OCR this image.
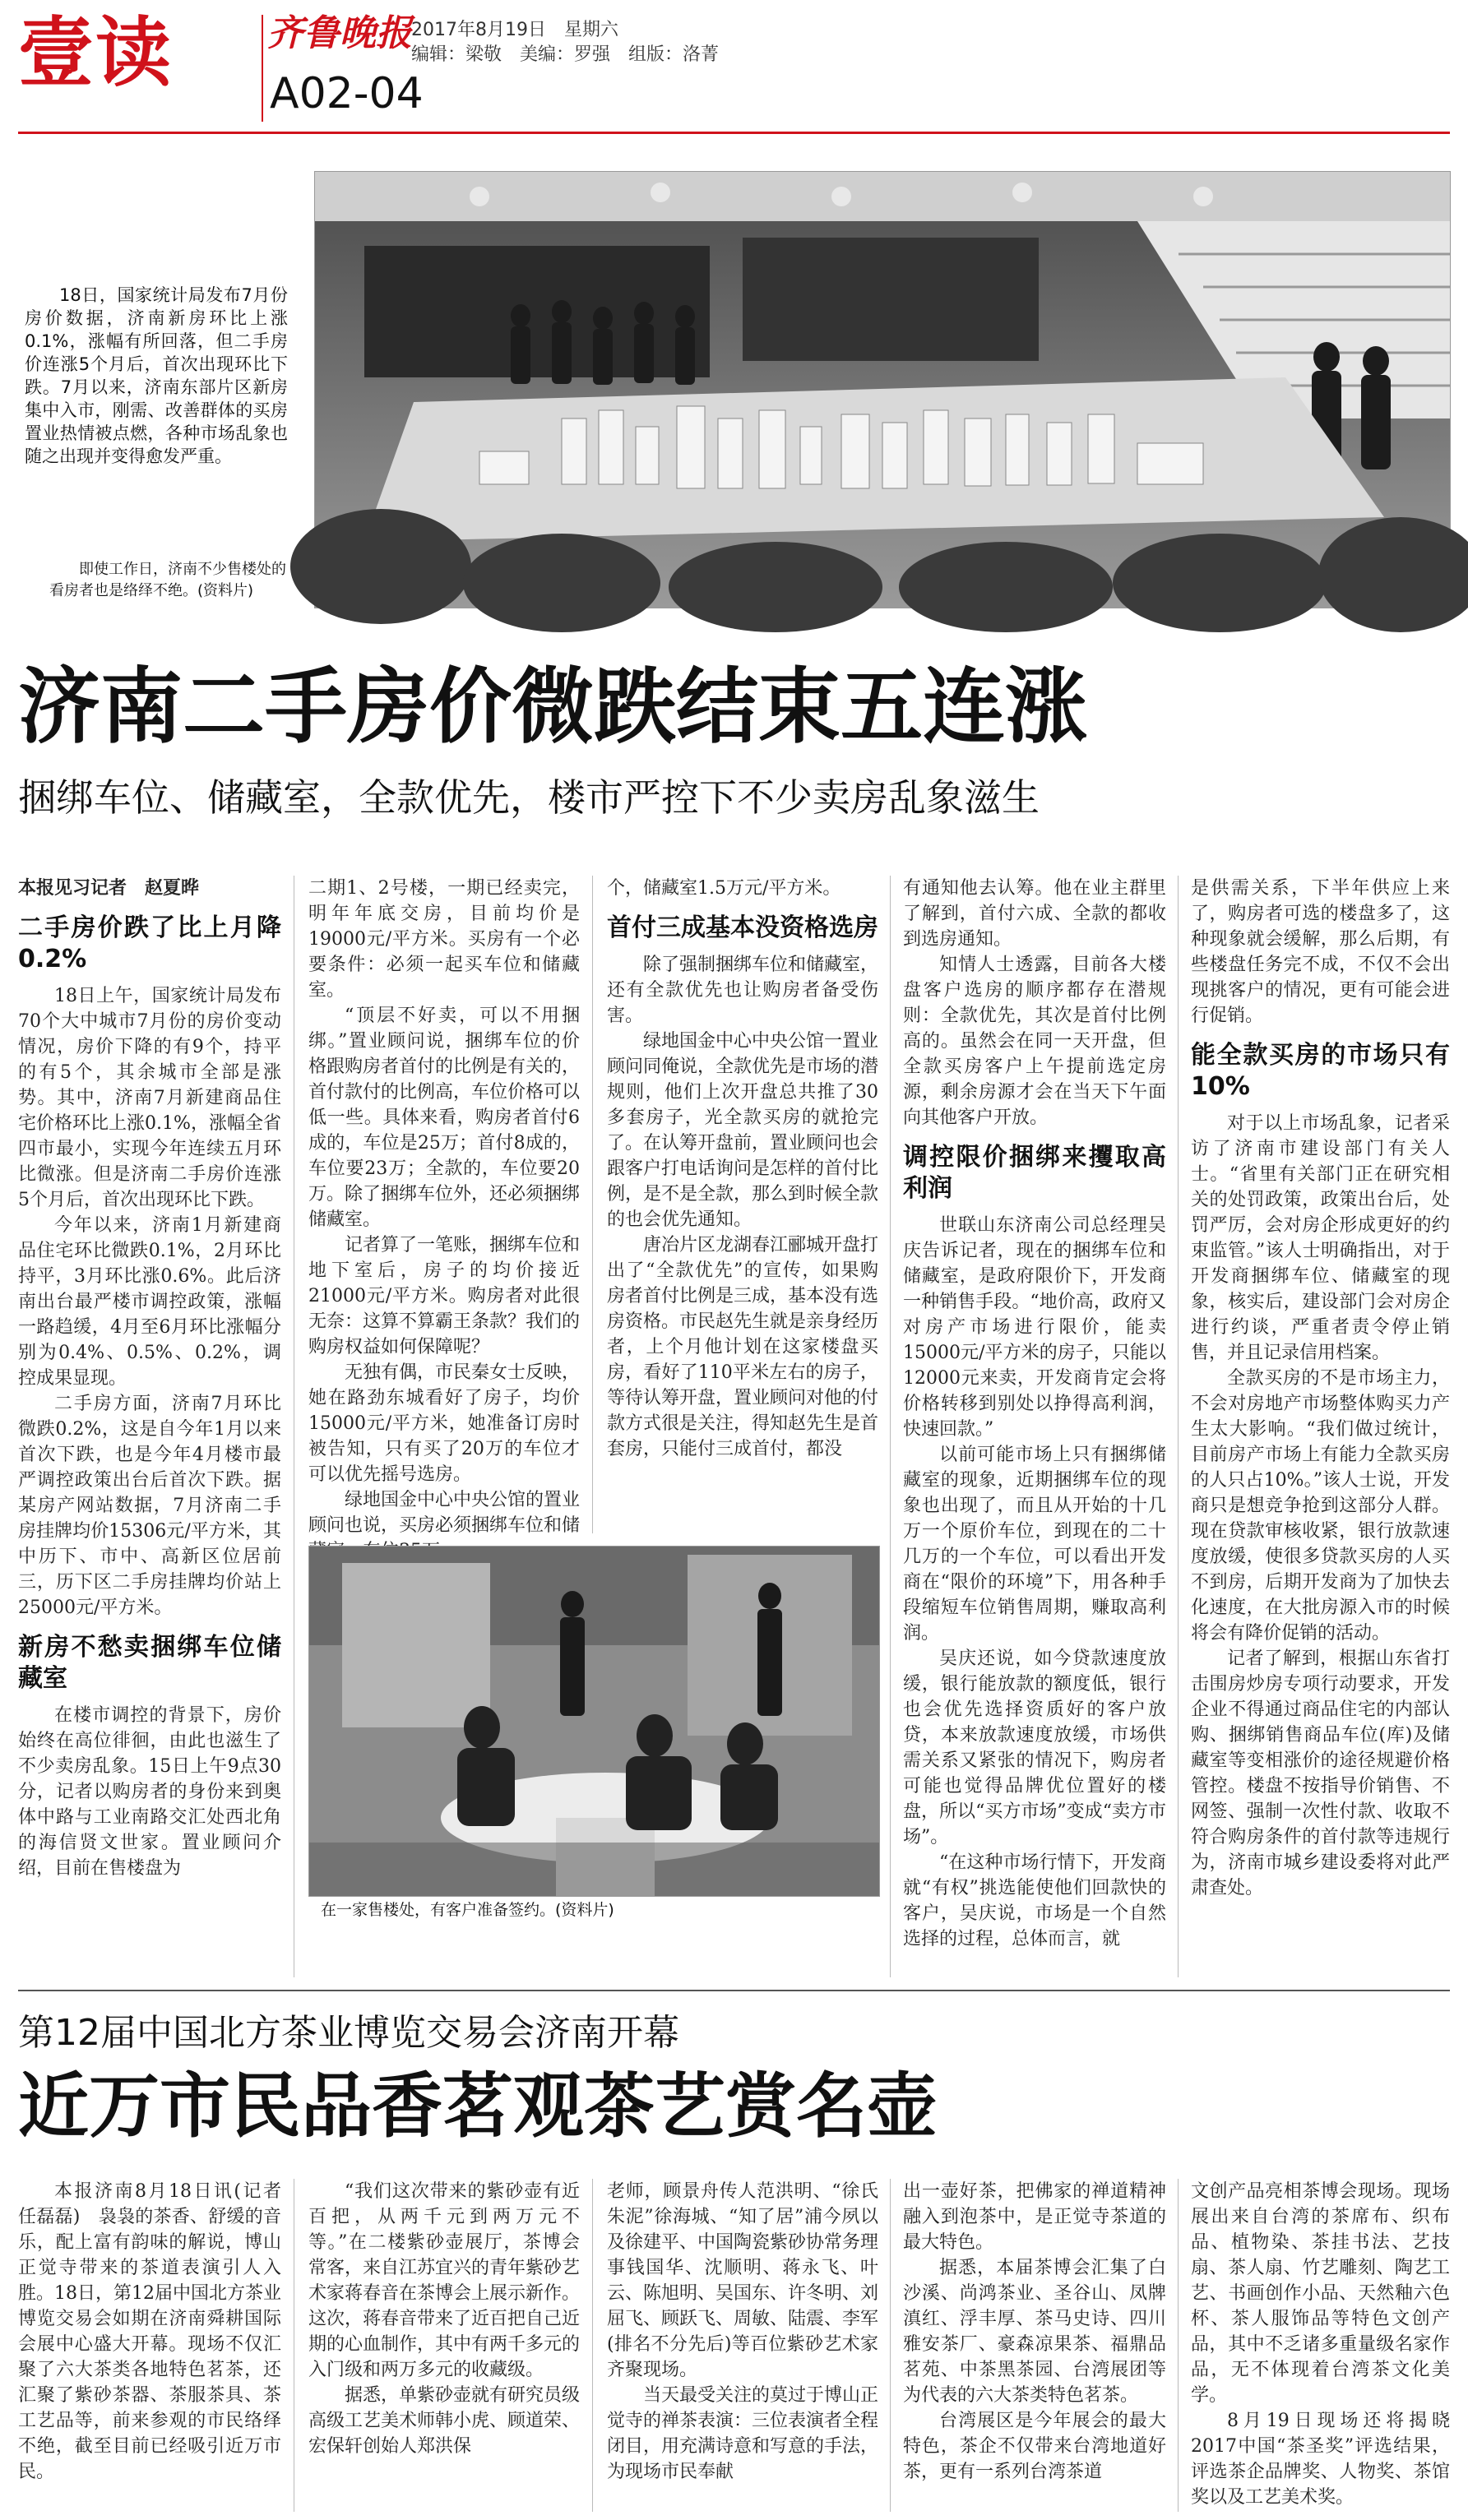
壹读	齐鲁晚报
A02-04
2017年8月19日　星期六
编辑：梁敬　美编：罗强　组版：洛菁
18日，国家统计局发布7月份房价数据，济南新房环比上涨0.1%，涨幅有所回落，但二手房价连涨5个月后，首次出现环比下跌。7月以来，济南东部片区新房集中入市，刚需、改善群体的买房置业热情被点燃，各种市场乱象也随之出现并变得愈发严重。
即使工作日，济南不少售楼处的看房者也是络绎不绝。(资料片)
济南二手房价微跌结束五连涨
捆绑车位、储藏室，全款优先，楼市严控下不少卖房乱象滋生

本报见习记者　赵夏晔

二手房价跌了比上月降0.2%

18日上午，国家统计局发布70个大中城市7月份的房价变动情况，房价下降的有9个，持平的有5个，其余城市全部是涨势。其中，济南7月新建商品住宅价格环比上涨0.1%，涨幅全省四市最小，实现今年连续五月环比微涨。但是济南二手房价连涨5个月后，首次出现环比下跌。

今年以来，济南1月新建商品住宅环比微跌0.1%，2月环比持平，3月环比涨0.6%。此后济南出台最严楼市调控政策，涨幅一路趋缓，4月至6月环比涨幅分别为0.4%、0.5%、0.2%，调控成果显现。

二手房方面，济南7月环比微跌0.2%，这是自今年1月以来首次下跌，也是今年4月楼市最严调控政策出台后首次下跌。据某房产网站数据，7月济南二手房挂牌均价15306元/平方米，其中历下、市中、高新区位居前三，历下区二手房挂牌均价站上25000元/平方米。

新房不愁卖捆绑车位储藏室

在楼市调控的背景下，房价始终在高位徘徊，由此也滋生了不少卖房乱象。15日上午9点30分，记者以购房者的身份来到奥体中路与工业南路交汇处西北角的海信贤文世家。置业顾问介绍，目前在售楼盘为

二期1、2号楼，一期已经卖完，明年年底交房，目前均价是19000元/平方米。买房有一个必要条件：必须一起买车位和储藏室。

“顶层不好卖，可以不用捆绑。”置业顾问说，捆绑车位的价格跟购房者首付的比例是有关的，首付款付的比例高，车位价格可以低一些。具体来看，购房者首付6成的，车位是25万；首付8成的，车位要23万；全款的，车位要20万。除了捆绑车位外，还必须捆绑储藏室。

记者算了一笔账，捆绑车位和地下室后，房子的均价接近21000元/平方米。购房者对此很无奈：这算不算霸王条款？我们的购房权益如何保障呢？

无独有偶，市民秦女士反映，她在路劲东城看好了房子，均价15000元/平方米，她准备订房时被告知，只有买了20万的车位才可以优先摇号选房。

绿地国金中心中央公馆的置业顾问也说，买房必须捆绑车位和储

个，储藏室1.5万元/平方米。

首付三成基本没资格选房

除了强制捆绑车位和储藏室，还有全款优先也让购房者备受伤害。

绿地国金中心中央公馆一置业顾问同俺说，全款优先是市场的潜规则，他们上次开盘总共推了30多套房子，光全款买房的就抢完了。在认筹开盘前，置业顾问也会跟客户打电话询问是怎样的首付比例，是不是全款，那么到时候全款的也会优先通知。

唐冶片区龙湖春江郦城开盘打出了“全款优先”的宣传，如果购房者首付比例是三成，基本没有选房资格。市民赵先生就是亲身经历者，上个月他计划在这家楼盘买房，看好了110平米左右的房子，等待认筹开盘，置业顾问对他的付款方式很是关注，得知赵先生是首套房，只能付三成首付，都没

在一家售楼处，有客户准备签约。(资料片)

有通知他去认筹。他在业主群里了解到，首付六成、全款的都收到选房通知。

知情人士透露，目前各大楼盘客户选房的顺序都存在潜规则：全款优先，其次是首付比例高的。虽然会在同一天开盘，但全款买房客户上午提前选定房源，剩余房源才会在当天下午面向其他客户开放。

调控限价捆绑来攫取高利润

世联山东济南公司总经理吴庆告诉记者，现在的捆绑车位和储藏室，是政府限价下，开发商一种销售手段。“地价高，政府又对房产市场进行限价，能卖15000元/平方米的房子，只能以12000元来卖，开发商肯定会将价格转移到别处以挣得高利润，快速回款。”

以前可能市场上只有捆绑储藏室的现象，近期捆绑车位的现象也出现了，而且从开始的十几万一个原价车位，到现在的二十几万的一个车位，可以看出开发商在“限价的环境”下，用各种手段缩短车位销售周期，赚取高利润。

吴庆还说，如今贷款速度放缓，银行能放款的额度低，银行也会优先选择资质好的客户放贷，本来放款速度放缓，市场供需关系又紧张的情况下，购房者可能也觉得品牌优位置好的楼盘，所以“买方市场”变成“卖方市场”。

“在这种市场行情下，开发商就“有权”挑选能使他们回款快的客户，吴庆说，市场是一个自然选择的过程，总体而言，就

是供需关系，下半年供应上来了，购房者可选的楼盘多了，这种现象就会缓解，那么后期，有些楼盘任务完不成，不仅不会出现挑客户的情况，更有可能会进行促销。

能全款买房的市场只有10%

对于以上市场乱象，记者采访了济南市建设部门有关人士。“省里有关部门正在研究相关的处罚政策，政策出台后，处罚严厉，会对房企形成更好的约束监管。”该人士明确指出，对于开发商捆绑车位、储藏室的现象，核实后，建设部门会对房企进行约谈，严重者责令停止销售，并且记录信用档案。

全款买房的不是市场主力，不会对房地产市场整体购买力产生太大影响。“我们做过统计，目前房产市场上有能力全款买房的人只占10%。”该人士说，开发商只是想竞争抢到这部分人群。现在贷款审核收紧，银行放款速度放缓，使很多贷款买房的人买不到房，后期开发商为了加快去化速度，在大批房源入市的时候将会有降价促销的活动。

记者了解到，根据山东省打击围房炒房专项行动要求，开发企业不得通过商品住宅的内部认购、捆绑销售商品车位(库)及储藏室等变相涨价的途径规避价格管控。楼盘不按指导价销售、不网签、强制一次性付款、收取不符合购房条件的首付款等违规行为，济南市城乡建设委将对此严肃查处。

第12届中国北方茶业博览交易会济南开幕
近万市民品香茗观茶艺赏名壶

本报济南8月18日讯(记者 任磊磊)　袅袅的茶香、舒缓的音乐，配上富有韵味的解说，博山正觉寺带来的茶道表演引人入胜。18日，第12届中国北方茶业博览交易会如期在济南舜耕国际会展中心盛大开幕。现场不仅汇聚了六大茶类各地特色茗茶，还汇聚了紫砂茶器、茶服茶具、茶工艺品等，前来参观的市民络绎不绝，截至目前已经吸引近万市民。

“我们这次带来的紫砂壶有近百把，从两千元到两万元不等。”在二楼紫砂壶展厅，茶博会常客，来自江苏宜兴的青年紫砂艺术家蒋春音在茶博会上展示新作。这次，蒋春音带来了近百把自己近期的心血制作，其中有两千多元的入门级和两万多元的收藏级。

据悉，单紫砂壶就有研究员级高级工艺美术师韩小虎、顾道荣、宏保轩创始人郑洪保

老师，顾景舟传人范洪明、“徐氏朱泥”徐海城、“知了居”浦今夙以及徐建平、中国陶瓷紫砂协常务理事钱国华、沈顺明、蒋永飞、叶云、陈旭明、吴国东、许冬明、刘屈飞、顾跃飞、周敏、陆震、李军(排名不分先后)等百位紫砂艺术家齐聚现场。

当天最受关注的莫过于博山正觉寺的禅茶表演：三位表演者全程闭目，用充满诗意和写意的手法，为现场市民奉献

出一壶好茶，把佛家的禅道精神融入到泡茶中，是正觉寺茶道的最大特色。

据悉，本届茶博会汇集了白沙溪、尚鸿茶业、圣谷山、凤牌滇红、浮丰厚、茶马史诗、四川雅安茶厂、豪森凉果茶、福鼎品茗苑、中茶黑茶园、台湾展团等为代表的六大茶类特色茗茶。

台湾展区是今年展会的最大特色，茶企不仅带来台湾地道好茶，更有一系列台湾茶道

文创产品亮相茶博会现场。现场展出来自台湾的茶席布、织布品、植物染、茶挂书法、艺技扇、茶人扇、竹艺雕刻、陶艺工艺、书画创作小品、天然釉六色杯、茶人服饰品等特色文创产品，其中不乏诸多重量级名家作品，无不体现着台湾茶文化美学。

8月19日现场还将揭晓2017中国“茶圣奖”评选结果，评选茶企品牌奖、人物奖、茶馆奖以及工艺美术奖。
